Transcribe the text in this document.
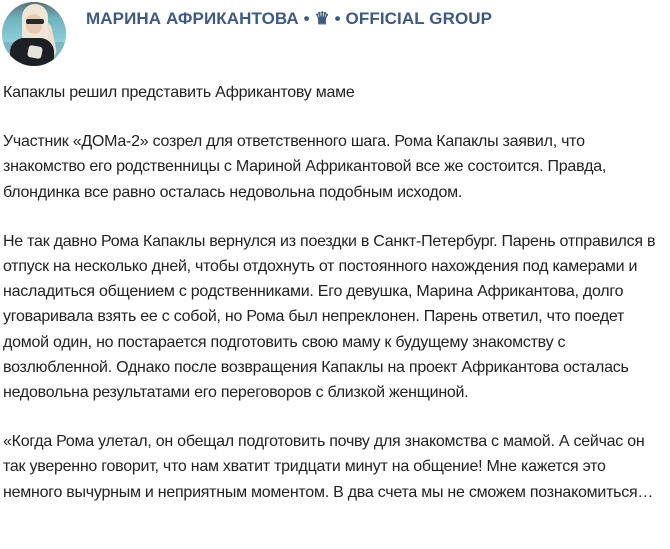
МАРИНА АФРИКАНТОВА • ♛ • OFFICIAL GROUP

Капаклы решил представить Африкантову маме

Участник «ДОМа-2» созрел для ответственного шага. Рома Капаклы заявил, что знакомство его родственницы с Мариной Африкантовой все же состоится. Правда, блондинка все равно осталась недовольна подобным исходом.

Не так давно Рома Капаклы вернулся из поездки в Санкт-Петербург. Парень отправился в отпуск на несколько дней, чтобы отдохнуть от постоянного нахождения под камерами и насладиться общением с родственниками. Его девушка, Марина Африкантова, долго уговаривала взять ее с собой, но Рома был непреклонен. Парень ответил, что поедет домой один, но постарается подготовить свою маму к будущему знакомству с возлюбленной. Однако после возвращения Капаклы на проект Африкантова осталась недовольна результатами его переговоров с близкой женщиной.

«Когда Рома улетал, он обещал подготовить почву для знакомства с мамой. А сейчас он так уверенно говорит, что нам хватит тридцати минут на общение! Мне кажется это немного вычурным и неприятным моментом. В два счета мы не сможем познакомиться…
